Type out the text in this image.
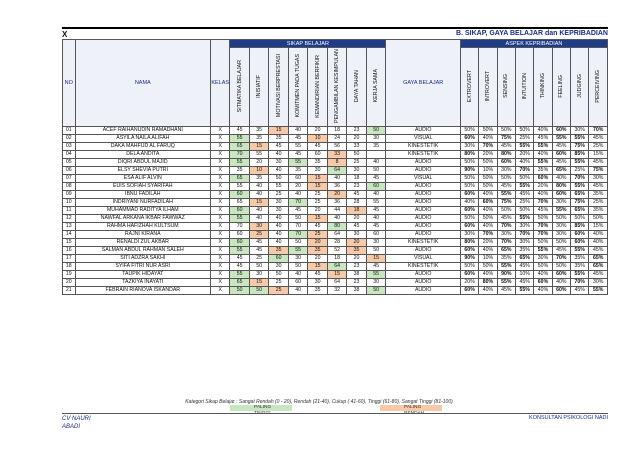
X	B. SIKAP, GAYA BELAJAR dan KEPRIBADIAN
NO	NAMA	KELAS	SIKAP BELAJAR								GAYA BELAJAR	ASPEK KEPRIBADIAN							
			SITMATIKA BELAJAR	INISIATIF	MOTIVASI BERPRESTASI	KOMITMEN PADA TUGAS	KEMANDIRIAN BERFIKIR	PENGAMBILAN KESIMPULAN	DAYA TAHAN	KERJA SAMA		EXTROVERT	INTROVERT	SENSING	INTUITION	THINKING	FEELING	JUDGING	PERCEIVING
01	ACEF RAIHANUDIN RAMADHANI	X	45	35	15	40	20	18	23	50	AUDIO	50%	50%	50%	50%	40%	60%	30%	70%
02	ASYILA NAILA ALIFAH	X	55	35	35	45	10	24	20	30	VISUAL	60%	40%	75%	25%	45%	55%	55%	45%
03	DAKA MAHFUD AL FARUQ	X	65	15	45	55	45	56	33	35	KINESTETIK	30%	70%	45%	55%	55%	45%	75%	25%
04	DELA ANDITA	X	70	55	40	45	60	33	50		KINESTETIK	80%	20%	80%	20%	40%	60%	85%	15%
05	DIQRI ABDUL MAJID	X	55	20	30	55	35	8	25	40	AUDIO	50%	50%	60%	40%	55%	45%	55%	45%
06	ELSY SHEVIA PUTRI	X	35	10	40	35	30	64	30	50	AUDIO	90%	10%	30%	70%	35%	65%	25%	75%
07	ESA ALIF ALVIN	X	65	35	50	60	15	40	18	45	VISUAL	50%	50%	50%	50%	60%	40%	70%	30%
08	EUIS SOFIAH SYARIFAH	X	55	40	55	20	15	36	23	60	AUDIO	50%	50%	45%	55%	20%	80%	55%	45%
09	IBNU FADILAH	X	60	40	25	40	25	20	45	40	AUDIO	60%	40%	55%	45%	40%	60%	65%	35%
10	INDRIYANI NURFADILAH	X	65	15	30	70	25	36	28	55	AUDIO	40%	60%	75%	25%	70%	30%	75%	25%
11	MUHAMMAD RADITYA ILHAM	X	60	40	30	45	20	44	18	45	AUDIO	60%	40%	50%	50%	45%	55%	65%	35%
12	NAWFAL ARKANA IKBAR FAWWAZ	X	55	40	40	50	15	40	20	40	AUDIO	50%	50%	45%	55%	50%	50%	50%	50%
13	RAHMA HAFIZHAH KULTSUM	X	70	30	40	70	45	80	45	45	AUDIO	60%	40%	70%	30%	70%	30%	85%	15%
14	RAJNI KIRANA	X	60	25	40	70	25	64	30	60	AUDIO	30%	70%	30%	70%	70%	30%	60%	40%
15	RENALDI ZUL AKBAR	X	60	45	40	50	20	28	20	30	KINESTETIK	80%	20%	70%	30%	50%	50%	60%	40%
16	SALMAN ABDUL RAHMAN SALEH	X	55	45	35	55	35	52	35	50	AUDIO	60%	40%	65%	35%	55%	45%	55%	45%
17	SITI ADZRA SAKHI	X	45	25	60	30	20	18	20	15	VISUAL	90%	10%	35%	65%	30%	70%	35%	65%
18	SYIFA FITRI NUR ASRI	X	45	50	30	50	15	64	23	45	KINESTETIK	50%	50%	55%	45%	50%	50%	35%	65%
19	TAUPIK HIDAYAT	X	55	30	50	40	45	15	38	55	AUDIO	60%	40%	90%	10%	40%	60%	55%	45%
20	TAZKIYA INAYATI	X	65	15	25	60	30	64	23	30	AUDIO	20%	80%	55%	45%	60%	40%	70%	30%
21	FEBRAIN RIANOVA ISKANDAR	X	50	50	25	40	35	32	38	50	AUDIO	60%	40%	45%	55%	40%	60%	45%	55%
Kategori Sikap Belajar : Sangat Rendah (0 - 20), Rendah (21-40), Cukup ( 41-60), Tinggi (61-80), Sangat Tinggi (81-100)
PALING	PALING
CV NAURI
ABADI
KONSULTAN PSIKOLOGI NADI
